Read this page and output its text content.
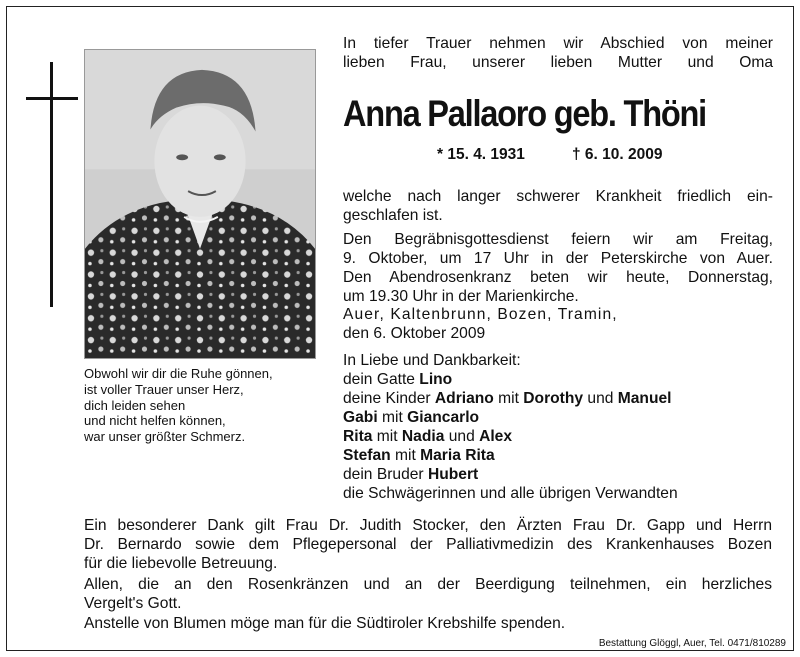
Obwohl wir dir die Ruhe gönnen,
ist voller Trauer unser Herz,
dich leiden sehen
und nicht helfen können,
war unser größter Schmerz.
In tiefer Trauer nehmen wir Abschied von meiner
lieben Frau, unserer lieben Mutter und Oma
Anna Pallaoro geb. Thöni
* 15. 4. 1931	† 6. 10. 2009
welche nach langer schwerer Krankheit friedlich ein-
geschlafen ist.
Den Begräbnisgottesdienst feiern wir am Freitag,
9. Oktober, um 17 Uhr in der Peterskirche von Auer.
Den Abendrosenkranz beten wir heute, Donnerstag,
um 19.30 Uhr in der Marienkirche.
Auer, Kaltenbrunn, Bozen, Tramin,
den 6. Oktober 2009
In Liebe und Dankbarkeit:
dein Gatte Lino
deine Kinder Adriano mit Dorothy und Manuel
Gabi mit Giancarlo
Rita mit Nadia und Alex
Stefan mit Maria Rita
dein Bruder Hubert
die Schwägerinnen und alle übrigen Verwandten
Ein besonderer Dank gilt Frau Dr. Judith Stocker, den Ärzten Frau Dr. Gapp und Herrn
Dr. Bernardo sowie dem Pflegepersonal der Palliativmedizin des Krankenhauses Bozen
für die liebevolle Betreuung.
Allen, die an den Rosenkränzen und an der Beerdigung teilnehmen, ein herzliches
Vergelt's Gott.
Anstelle von Blumen möge man für die Südtiroler Krebshilfe spenden.
Bestattung Glöggl, Auer, Tel. 0471/810289
